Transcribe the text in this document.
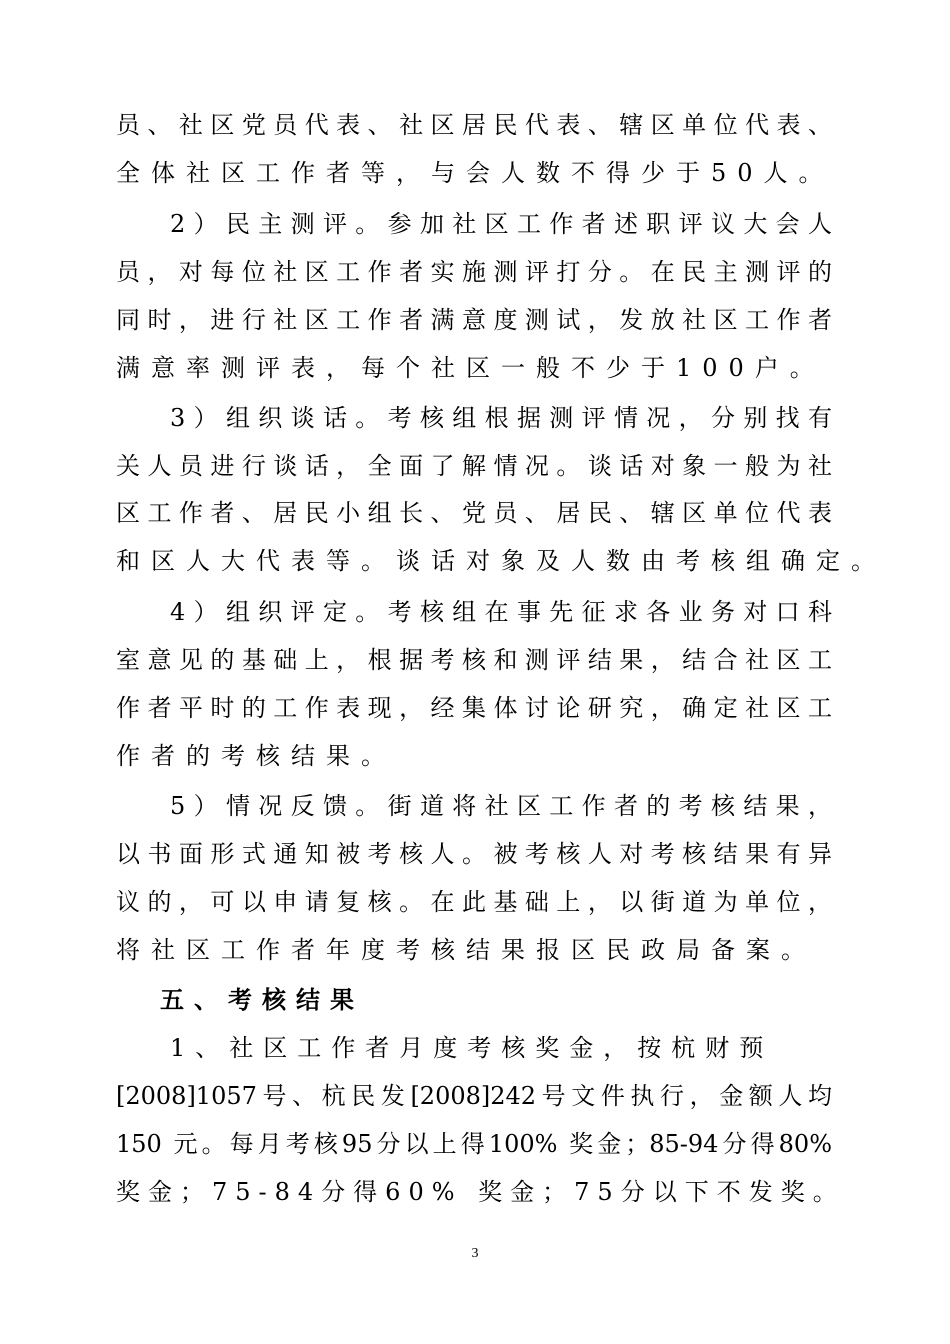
员、社区党员代表、社区居民代表、辖区单位代表、
全体社区工作者等，与会人数不得少于50人。
2）民主测评。参加社区工作者述职评议大会人
员，对每位社区工作者实施测评打分。在民主测评的
同时，进行社区工作者满意度测试，发放社区工作者
满意率测评表，每个社区一般不少于100户。
3）组织谈话。考核组根据测评情况，分别找有
关人员进行谈话，全面了解情况。谈话对象一般为社
区工作者、居民小组长、党员、居民、辖区单位代表
和区人大代表等。谈话对象及人数由考核组确定。
4）组织评定。考核组在事先征求各业务对口科
室意见的基础上，根据考核和测评结果，结合社区工
作者平时的工作表现，经集体讨论研究，确定社区工
作者的考核结果。
5）情况反馈。街道将社区工作者的考核结果，
以书面形式通知被考核人。被考核人对考核结果有异
议的，可以申请复核。在此基础上，以街道为单位，
将社区工作者年度考核结果报区民政局备案。
五、考核结果
1、社区工作者月度考核奖金，按杭财预
[2008]1057号、杭民发[2008]242号文件执行，金额人均
150 元。每月考核95分以上得100% 奖金；85-94分得80%
奖金；75-84分得60% 奖金；75分以下不发奖。
3
